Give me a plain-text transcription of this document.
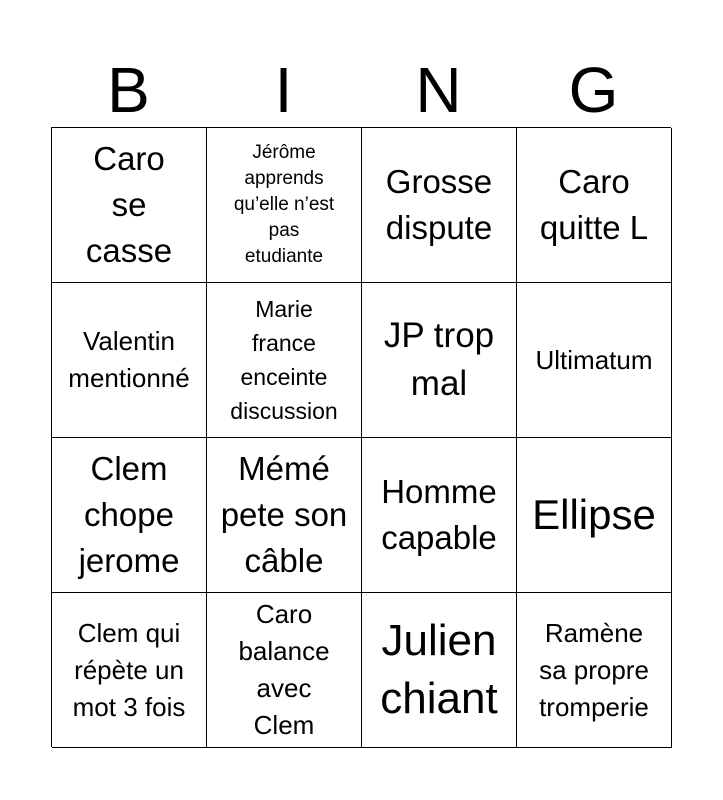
B	I	N	G
Caro
se
casse
Jérôme
apprends
qu’elle n’est
pas
etudiante
Grosse
dispute
Caro
quitte L
Valentin
mentionné
Marie
france
enceinte
discussion
JP trop
mal
Ultimatum
Clem
chope
jerome
Mémé
pete son
câble
Homme
capable Ellipse
Clem qui
répète un
mot 3 fois
Caro
balance
avec
Clem
Julien
chiant
Ramène
sa propre
tromperie
